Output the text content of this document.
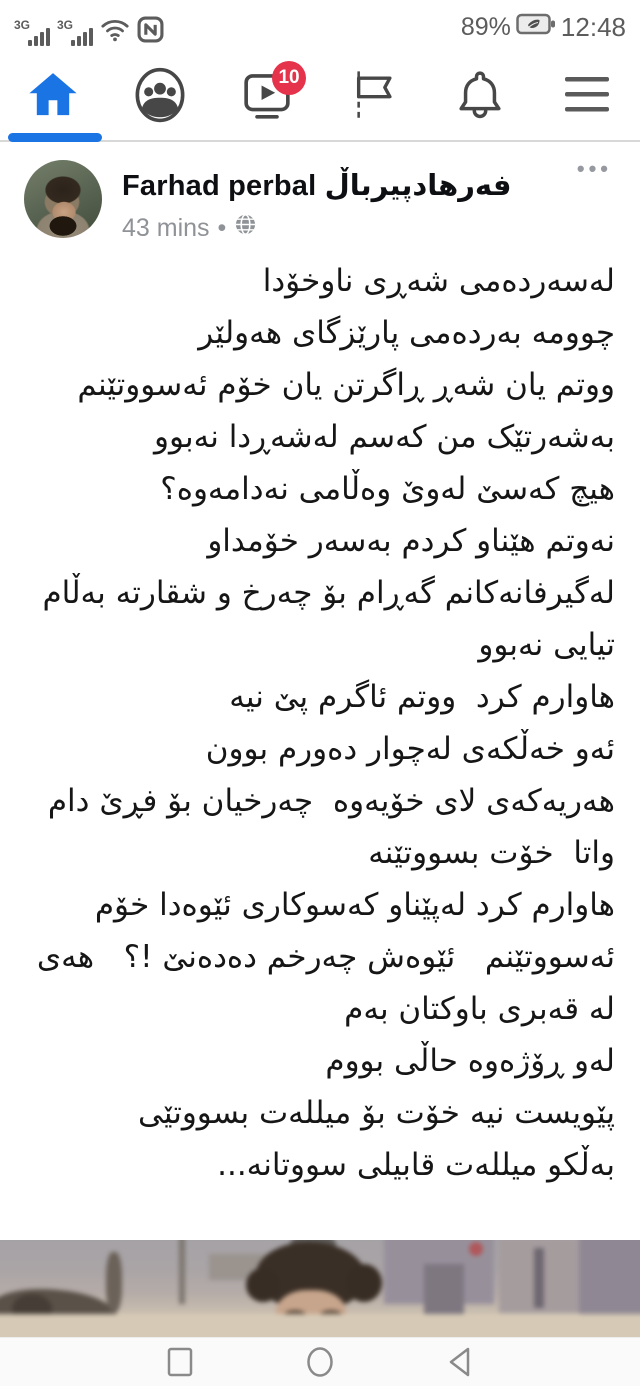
3G 3G	89% 12:48
10
Farhad perbal فەرهادپیرباڵ
43 mins •
•••
لەسەردەمی شەڕی ناوخۆدا
چوومە بەردەمی پارێزگای هەولێر
ووتم یان شەڕ ڕاگرتن یان خۆم ئەسووتێنم
بەشەرتێک من کەسم لەشەڕدا نەبوو
هیچ کەسێ لەوێ وەڵامی نەدامەوە؟
نەوتم هێناو کردم بەسەر خۆمداو
لەگیرفانەکانم گەڕام بۆ چەرخ و شقارتە بەڵام
تیایی نەبوو
هاوارم کرد  ووتم ئاگرم پێ نیە
ئەو خەڵکەی لەچوار دەورم بوون
هەریەکەی لای خۆیەوە  چەرخیان بۆ فڕێ دام
واتا  خۆت بسووتێنە
هاوارم کرد لەپێناو کەسوکاری ئێوەدا خۆم
ئەسووتێنم   ئێوەش چەرخم دەدەنێ !؟   هەی
لە قەبری باوکتان بەم
لەو ڕۆژەوە حاڵی بووم
پێویست نیە خۆت بۆ میللەت بسووتێی
بەڵکو میللەت قابیلی سووتانە...
